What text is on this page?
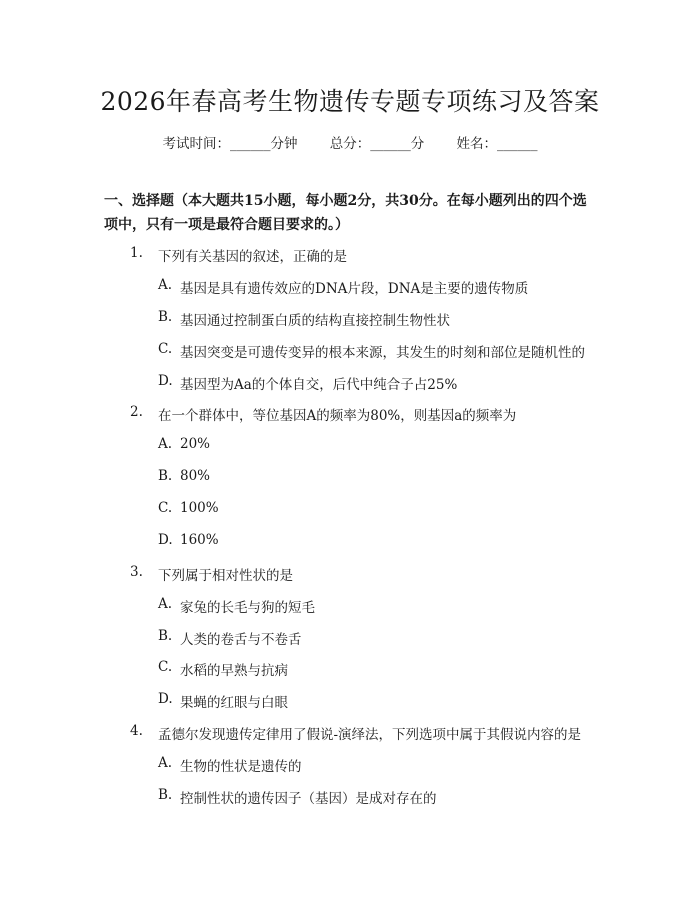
2026年春高考生物遗传专题专项练习及答案
考试时间：______分钟 总分：______分 姓名：______
一、选择题（本大题共15小题，每小题2分，共30分。在每小题列出的四个选
项中，只有一项是最符合题目要求的。）
1. 下列有关基因的叙述，正确的是
A. 基因是具有遗传效应的DNA片段，DNA是主要的遗传物质
B. 基因通过控制蛋白质的结构直接控制生物性状
C. 基因突变是可遗传变异的根本来源，其发生的时刻和部位是随机性的
D. 基因型为Aa的个体自交，后代中纯合子占25%
2. 在一个群体中，等位基因A的频率为80%，则基因a的频率为
A. 20%
B. 80%
C. 100%
D. 160%
3. 下列属于相对性状的是
A. 家兔的长毛与狗的短毛
B. 人类的卷舌与不卷舌
C. 水稻的早熟与抗病
D. 果蝇的红眼与白眼
4. 孟德尔发现遗传定律用了假说-演绎法，下列选项中属于其假说内容的是
A. 生物的性状是遗传的
B. 控制性状的遗传因子（基因）是成对存在的
